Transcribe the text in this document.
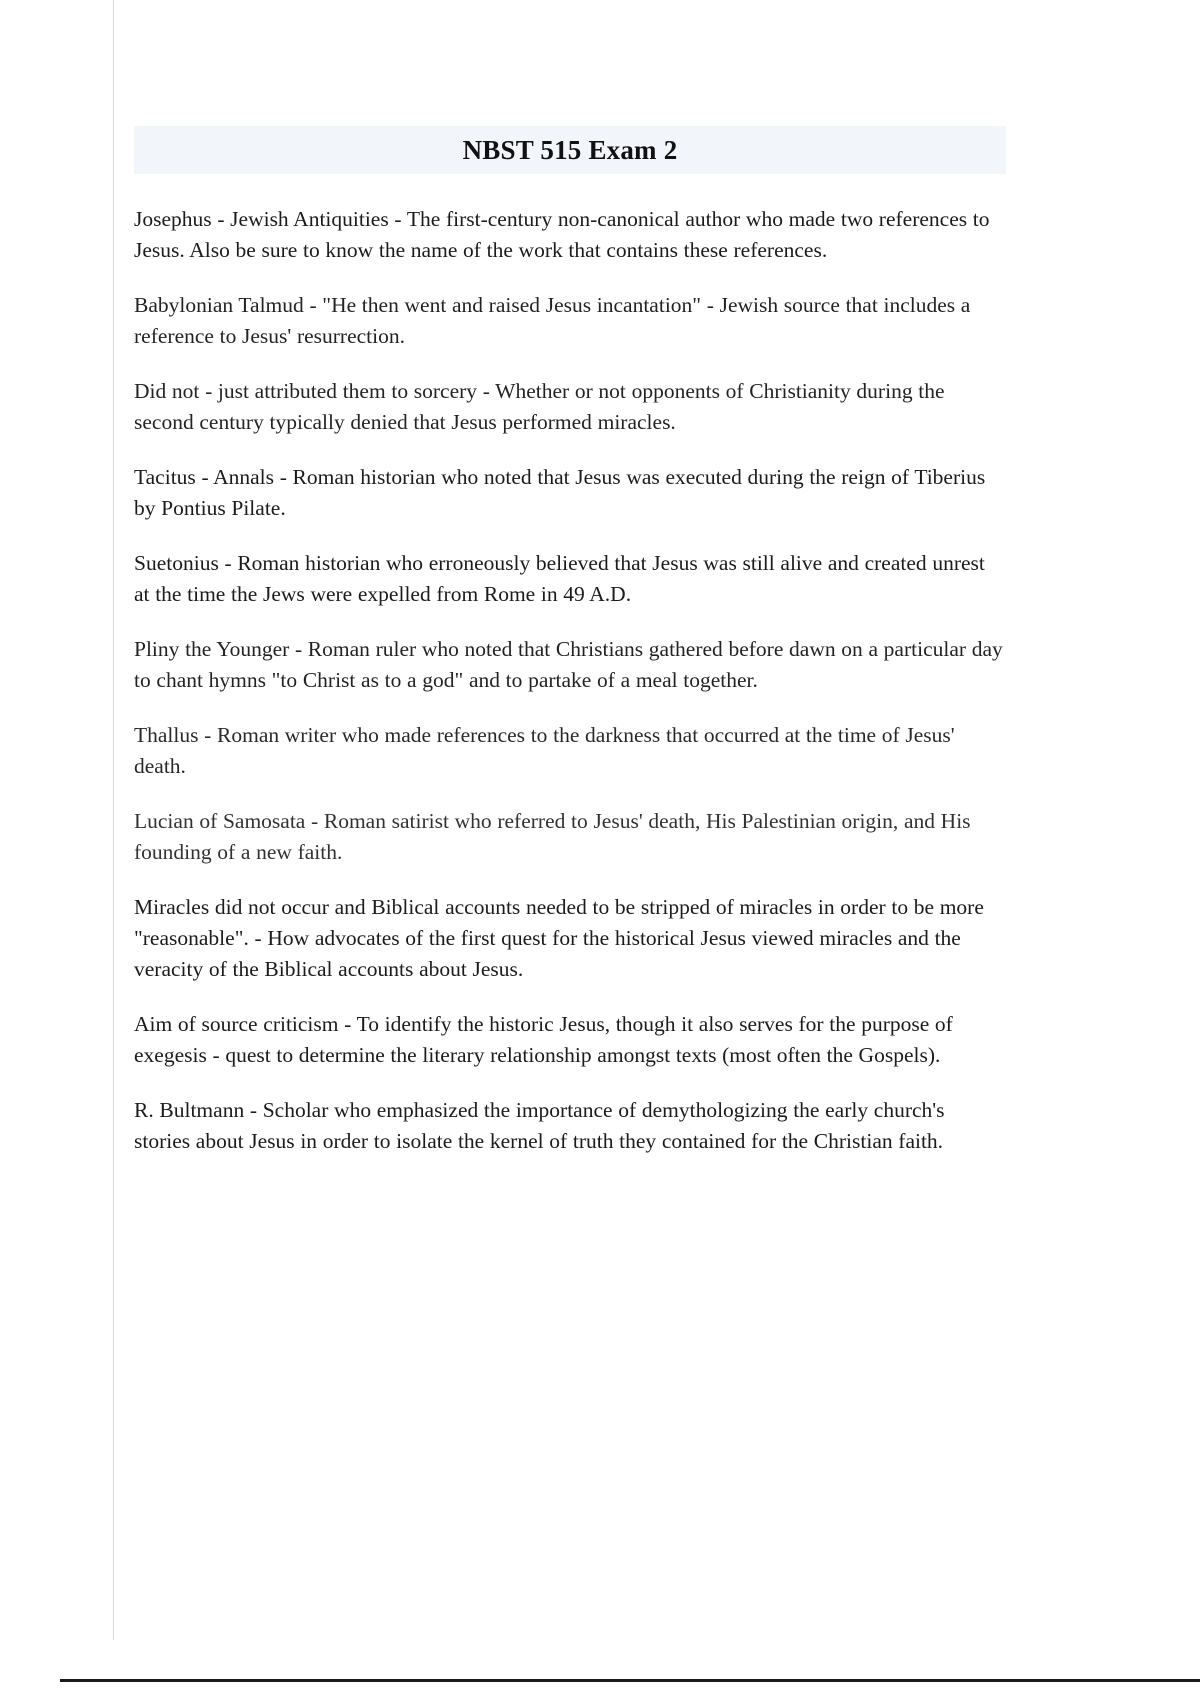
NBST 515 Exam 2

Josephus - Jewish Antiquities - The first-century non-canonical author who made two references to Jesus. Also be sure to know the name of the work that contains these references.

Babylonian Talmud - "He then went and raised Jesus incantation" - Jewish source that includes a reference to Jesus' resurrection.

Did not - just attributed them to sorcery - Whether or not opponents of Christianity during the second century typically denied that Jesus performed miracles.

Tacitus - Annals - Roman historian who noted that Jesus was executed during the reign of Tiberius by Pontius Pilate.

Suetonius - Roman historian who erroneously believed that Jesus was still alive and created unrest at the time the Jews were expelled from Rome in 49 A.D.

Pliny the Younger - Roman ruler who noted that Christians gathered before dawn on a particular day to chant hymns "to Christ as to a god" and to partake of a meal together.

Thallus - Roman writer who made references to the darkness that occurred at the time of Jesus' death.

Lucian of Samosata - Roman satirist who referred to Jesus' death, His Palestinian origin, and His founding of a new faith.

Miracles did not occur and Biblical accounts needed to be stripped of miracles in order to be more "reasonable". - How advocates of the first quest for the historical Jesus viewed miracles and the veracity of the Biblical accounts about Jesus.

Aim of source criticism - To identify the historic Jesus, though it also serves for the purpose of exegesis - quest to determine the literary relationship amongst texts (most often the Gospels).

R. Bultmann - Scholar who emphasized the importance of demythologizing the early church's stories about Jesus in order to isolate the kernel of truth they contained for the Christian faith.
